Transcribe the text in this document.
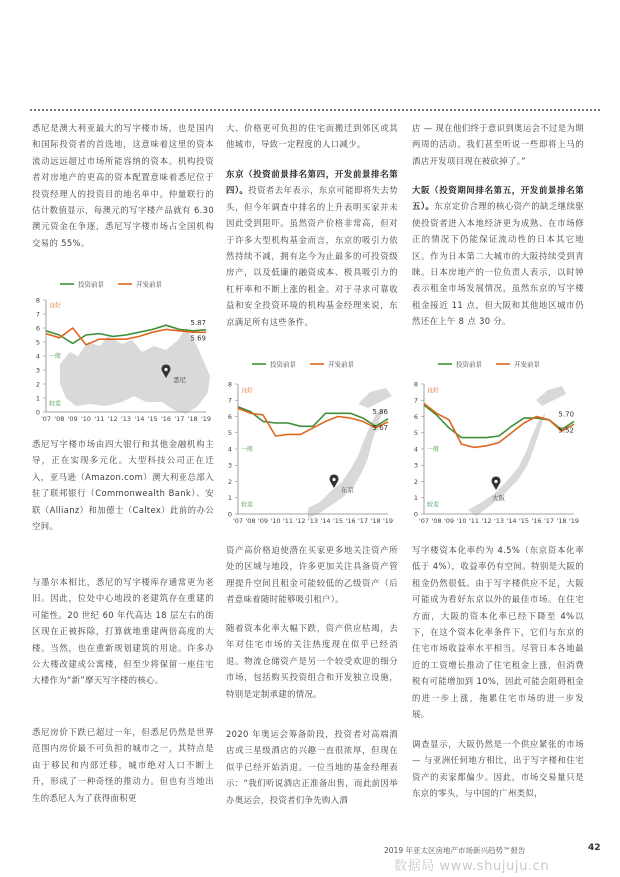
悉尼是澳大利亚最大的写字楼市场，也是国内和国际投资者的首选地，这意味着这里的资本流动远远超过市场所能容纳的资本。机构投资者对房地产的更高的资本配置意味着悉尼位于投资经理人的投资目的地名单中。仲量联行的估计数值显示，每澳元的写字楼产品就有 6.30 澳元资金在争逐，悉尼写字楼市场占全国机构交易的 55%。

投资前景	开发前景
0
1
2
3
4
5
6
7
8
良好
一般
较差
'07 '08 '09 '10 '11 '12 '13 '14 '15 '16 '17 '18 '19
5.87
5.69
悉尼

悉尼写字楼市场由四大银行和其他金融机构主导，正在实现多元化。大型科技公司正在迁入，亚马逊（Amazon.com）澳大利亚总部入驻了联邦银行（Commonwealth Bank）、安联（Allianz）和加德士（Caltex）此前的办公空间。

与墨尔本相比，悉尼的写字楼库存通常更为老旧。因此，位处中心地段的老建筑存在重建的可能性。20 世纪 60 年代高达 18 层左右的街区现在正被拆除，打算就地重建两倍高度的大楼。当然，也在重新规划建筑的用途。许多办公大楼改建成公寓楼，但至少将保留一座住宅大楼作为“新”摩天写字楼的核心。

悉尼房价下跌已超过一年，但悉尼仍然是世界范围内房价最不可负担的城市之一，其特点是由于移民和内部迁移，城市绝对人口不断上升，形成了一种奇怪的推动力。但也有当地出生的悉尼人为了获得面积更

大、价格更可负担的住宅而搬迁到郊区或其他城市，导致一定程度的人口减少。

东京（投资前景排名第四，开发前景排名第四）。投资者去年表示，东京可能即将失去势头，但今年调查中排名的上升表明买家并未因此受到阻吓。虽然资产价格非常高，但对于许多大型机构基金而言，东京的吸引力依然持续不减，拥有迄今为止最多的可投资级房产，以及低廉的融资成本、极具吸引力的杠杆率和不断上涨的租金。对于寻求可靠收益和安全投资环境的机构基金经理来说，东京满足所有这些条件。

投资前景	开发前景
0
1
2
3
4
5
6
7
8
良好
一般
较差
'07 '08 '09 '10 '11 '12 '13 '14 '15 '16 '17 '18 '19
5.86
5.67
东京

资产高价格迫使潜在买家更多地关注资产所处的区域与地段，许多更加关注具备资产管理提升空间且租金可能较低的乙级资产（后者意味着随时能够吸引租户）。

随着资本化率大幅下跌，资产供应枯竭，去年对住宅市场的关注热度现在似乎已经消退。物流仓储资产是另一个较受欢迎的细分市场，包括购买投资组合和开发独立设施，特别是定制承建的情况。

2020 年奥运会筹备阶段，投资者对高端酒店或三星级酒店的兴趣一直很浓厚，但现在似乎已经开始消退。一位当地的基金经理表示：“我们听说酒店正准备出售，而此前因举办奥运会，投资者们争先购入酒

店 — 现在他们终于意识到奥运会不过是为期两周的活动。我们甚至听说一些即将上马的酒店开发项目现在被砍掉了。”

大阪（投资期间排名第五，开发前景排名第五）。东京定价合理的核心资产的缺乏继续驱使投资者进入本地经济更为成熟、在市场修正的情况下仍能保证流动性的日本其它地区。作为日本第二大城市的大阪持续受到青睐。日本房地产的一位负责人表示，以时钟表示租金市场发展情况，虽然东京的写字楼租金接近 11 点，但大阪和其他地区城市仍然还在上午 8 点 30 分。

投资前景	开发前景
0
1
2
3
4
5
6
7
8
良好
一般
较差
'07 '08 '09 '10 '11 '12 '13 '14 '15 '16 '17 '18 '19
5.70
5.52
大阪

写字楼资本化率约为 4.5%（东京资本化率低于 4%），收益率仍有空间。特别是大阪的租金仍然很低。由于写字楼供应不足，大阪可能成为看好东京以外的最佳市场。在住宅方面，大阪的资本化率已经下降至 4%以下，在这个资本化率条件下，它们与东京的住宅市场收益率水平相当。尽管日本各地最近的工资增长推动了住宅租金上涨，但消费税有可能增加到 10%，因此可能会阻碍租金的进一步上涨，拖累住宅市场的进一步发展。

调查显示，大阪仍然是一个供应紧张的市场 — 与亚洲任何地方相比，出于写字楼和住宅资产的卖家都偏少。因此，市场交易量只是东京的零头，与中国的广州类似，

2019 年亚太区房地产市场新兴趋势™报告	42
数据局 www.shujuju.cn
